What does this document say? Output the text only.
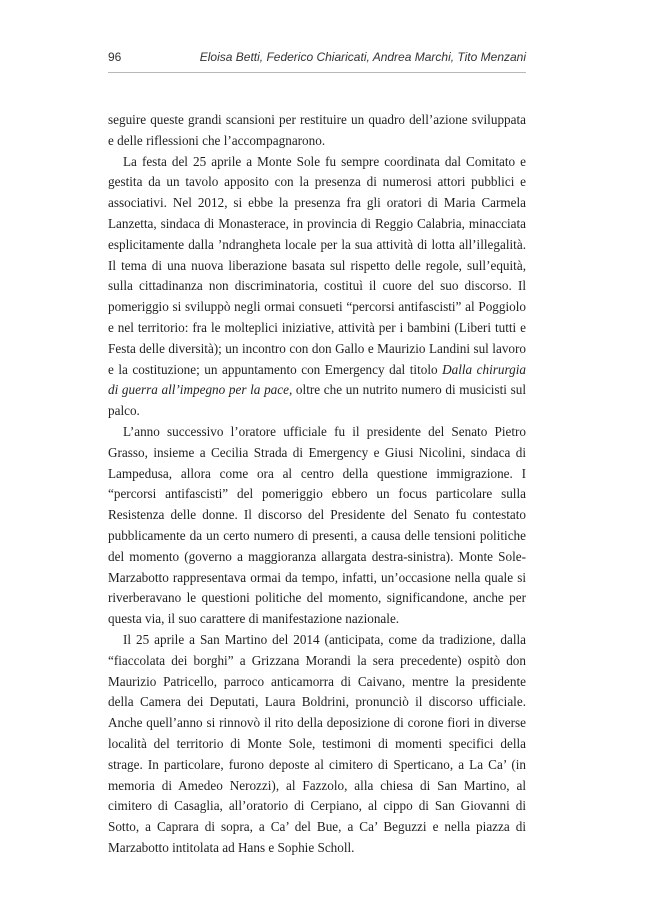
96	Eloisa Betti, Federico Chiaricati, Andrea Marchi, Tito Menzani

seguire queste grandi scansioni per restituire un quadro dell’azione sviluppata e delle riflessioni che l’accompagnarono.

La festa del 25 aprile a Monte Sole fu sempre coordinata dal Comitato e gestita da un tavolo apposito con la presenza di numerosi attori pubblici e associativi. Nel 2012, si ebbe la presenza fra gli oratori di Maria Carmela Lanzetta, sindaca di Monasterace, in provincia di Reggio Calabria, minacciata esplicitamente dalla ’ndrangheta locale per la sua attività di lotta all’illegalità. Il tema di una nuova liberazione basata sul rispetto delle regole, sull’equità, sulla cittadinanza non discriminatoria, costituì il cuore del suo discorso. Il pomeriggio si sviluppò negli ormai consueti “percorsi antifascisti” al Poggiolo e nel territorio: fra le molteplici iniziative, attività per i bambini (Liberi tutti e Festa delle diversità); un incontro con don Gallo e Maurizio Landini sul lavoro e la costituzione; un appuntamento con Emergency dal titolo Dalla chirurgia di guerra all’impegno per la pace, oltre che un nutrito numero di musicisti sul palco.

L’anno successivo l’oratore ufficiale fu il presidente del Senato Pietro Grasso, insieme a Cecilia Strada di Emergency e Giusi Nicolini, sindaca di Lampedusa, allora come ora al centro della questione immigrazione. I “percorsi antifascisti” del pomeriggio ebbero un focus particolare sulla Resistenza delle donne. Il discorso del Presidente del Senato fu contestato pubblicamente da un certo numero di presenti, a causa delle tensioni politiche del momento (governo a maggioranza allargata destra-sinistra). Monte Sole-Marzabotto rappresentava ormai da tempo, infatti, un’occasione nella quale si riverberavano le questioni politiche del momento, significandone, anche per questa via, il suo carattere di manifestazione nazionale.

Il 25 aprile a San Martino del 2014 (anticipata, come da tradizione, dalla “fiaccolata dei borghi” a Grizzana Morandi la sera precedente) ospitò don Maurizio Patricello, parroco anticamorra di Caivano, mentre la presidente della Camera dei Deputati, Laura Boldrini, pronunciò il discorso ufficiale. Anche quell’anno si rinnovò il rito della deposizione di corone fiori in diverse località del territorio di Monte Sole, testimoni di momenti specifici della strage. In particolare, furono deposte al cimitero di Sperticano, a La Ca’ (in memoria di Amedeo Nerozzi), al Fazzolo, alla chiesa di San Martino, al cimitero di Casaglia, all’oratorio di Cerpiano, al cippo di San Giovanni di Sotto, a Caprara di sopra, a Ca’ del Bue, a Ca’ Beguzzi e nella piazza di Marzabotto intitolata ad Hans e Sophie Scholl.
